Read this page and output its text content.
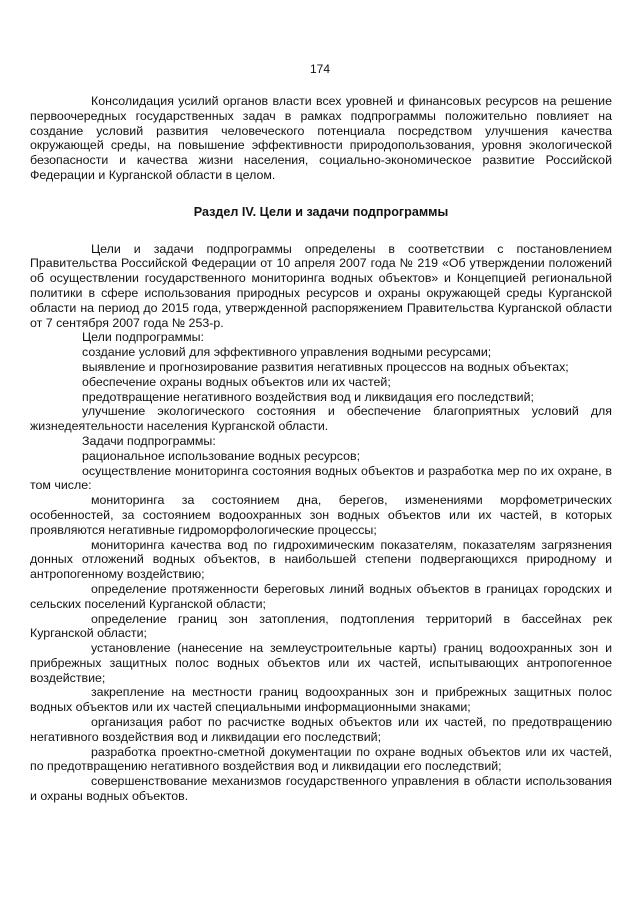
174

Консолидация усилий органов власти всех уровней и финансовых ресурсов на решение первоочередных государственных задач в рамках подпрограммы положительно повлияет на создание условий развития человеческого потенциала посредством улучшения качества окружающей среды, на повышение эффективности природопользования, уровня экологической безопасности и качества жизни населения, социально-экономическое развитие Российской Федерации и Курганской области в целом.

Раздел IV. Цели и задачи подпрограммы

Цели и задачи подпрограммы определены в соответствии с постановлением Правительства Российской Федерации от 10 апреля 2007 года № 219 «Об утверждении положений об осуществлении государственного мониторинга водных объектов» и Концепцией региональной политики в сфере использования природных ресурсов и охраны окружающей среды Курганской области на период до 2015 года, утвержденной распоряжением Правительства Курганской области от 7 сентября 2007 года № 253-р.

Цели подпрограммы:

создание условий для эффективного управления водными ресурсами;

выявление и прогнозирование развития негативных процессов на водных объектах;

обеспечение охраны водных объектов или их частей;

предотвращение негативного воздействия вод и ликвидация его последствий;

улучшение экологического состояния и обеспечение благоприятных условий для жизнедеятельности населения Курганской области.

Задачи подпрограммы:

рациональное использование водных ресурсов;

осуществление мониторинга состояния водных объектов и разработка мер по их охране, в том числе:

мониторинга за состоянием дна, берегов, изменениями морфометрических особенностей, за состоянием водоохранных зон водных объектов или их частей, в которых проявляются негативные гидроморфологические процессы;

мониторинга качества вод по гидрохимическим показателям, показателям загрязнения донных отложений водных объектов, в наибольшей степени подвергающихся природному и антропогенному воздействию;

определение протяженности береговых линий водных объектов в границах городских и сельских поселений Курганской области;

определение границ зон затопления, подтопления территорий в бассейнах рек Курганской области;

установление (нанесение на землеустроительные карты) границ водоохранных зон и прибрежных защитных полос водных объектов или их частей, испытывающих антропогенное воздействие;

закрепление на местности границ водоохранных зон и прибрежных защитных полос водных объектов или их частей специальными информационными знаками;

организация работ по расчистке водных объектов или их частей, по предотвращению негативного воздействия вод и ликвидации его последствий;

разработка проектно-сметной документации по охране водных объектов или их частей, по предотвращению негативного воздействия вод и ликвидации его последствий;

совершенствование механизмов государственного управления в области использования и охраны водных объектов.
